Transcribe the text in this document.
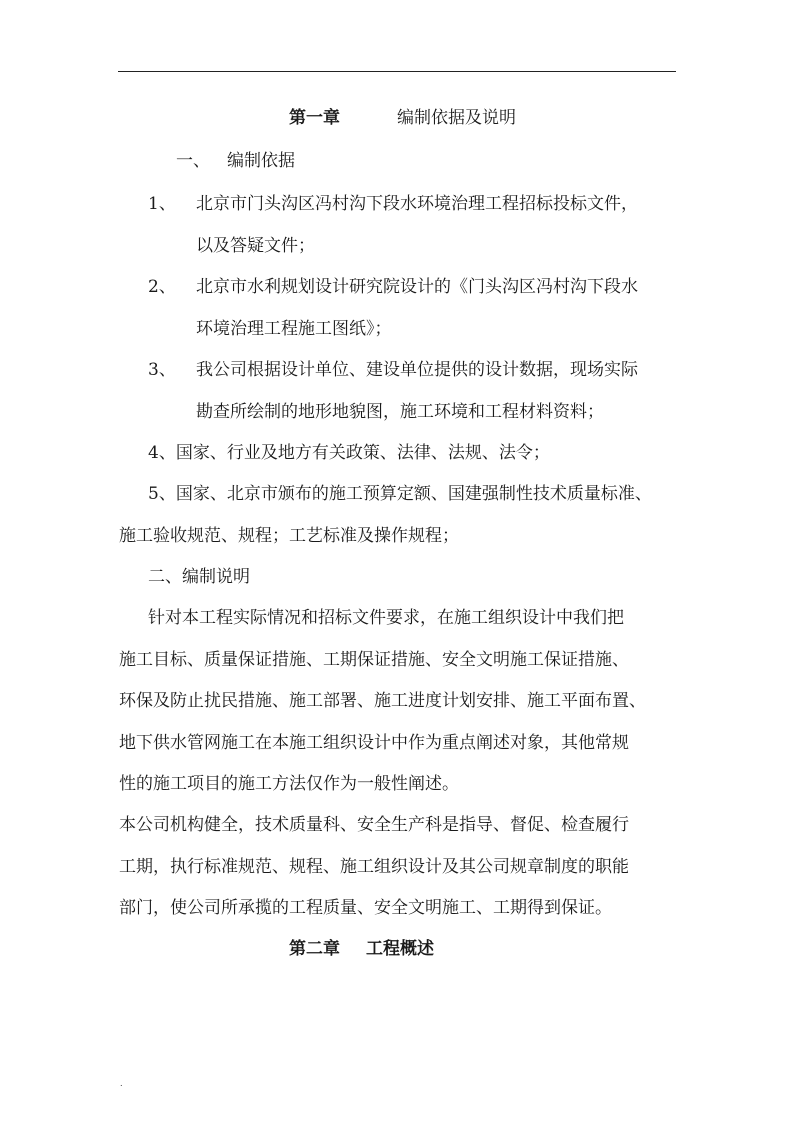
第一章	编制依据及说明
一、 编制依据
1、 北京市门头沟区冯村沟下段水环境治理工程招标投标文件，
以及答疑文件；
2、 北京市水利规划设计研究院设计的《门头沟区冯村沟下段水
环境治理工程施工图纸》；
3、 我公司根据设计单位、建设单位提供的设计数据，现场实际
勘查所绘制的地形地貌图，施工环境和工程材料资料；
4、国家、行业及地方有关政策、法律、法规、法令；
5、国家、北京市颁布的施工预算定额、国建强制性技术质量标准、
施工验收规范、规程；工艺标准及操作规程；
二、编制说明
针对本工程实际情况和招标文件要求，在施工组织设计中我们把
施工目标、质量保证措施、工期保证措施、安全文明施工保证措施、
环保及防止扰民措施、施工部署、施工进度计划安排、施工平面布置、
地下供水管网施工在本施工组织设计中作为重点阐述对象，其他常规
性的施工项目的施工方法仅作为一般性阐述。
本公司机构健全，技术质量科、安全生产科是指导、督促、检查履行
工期，执行标准规范、规程、施工组织设计及其公司规章制度的职能
部门，使公司所承揽的工程质量、安全文明施工、工期得到保证。
第二章 工程概述
.
